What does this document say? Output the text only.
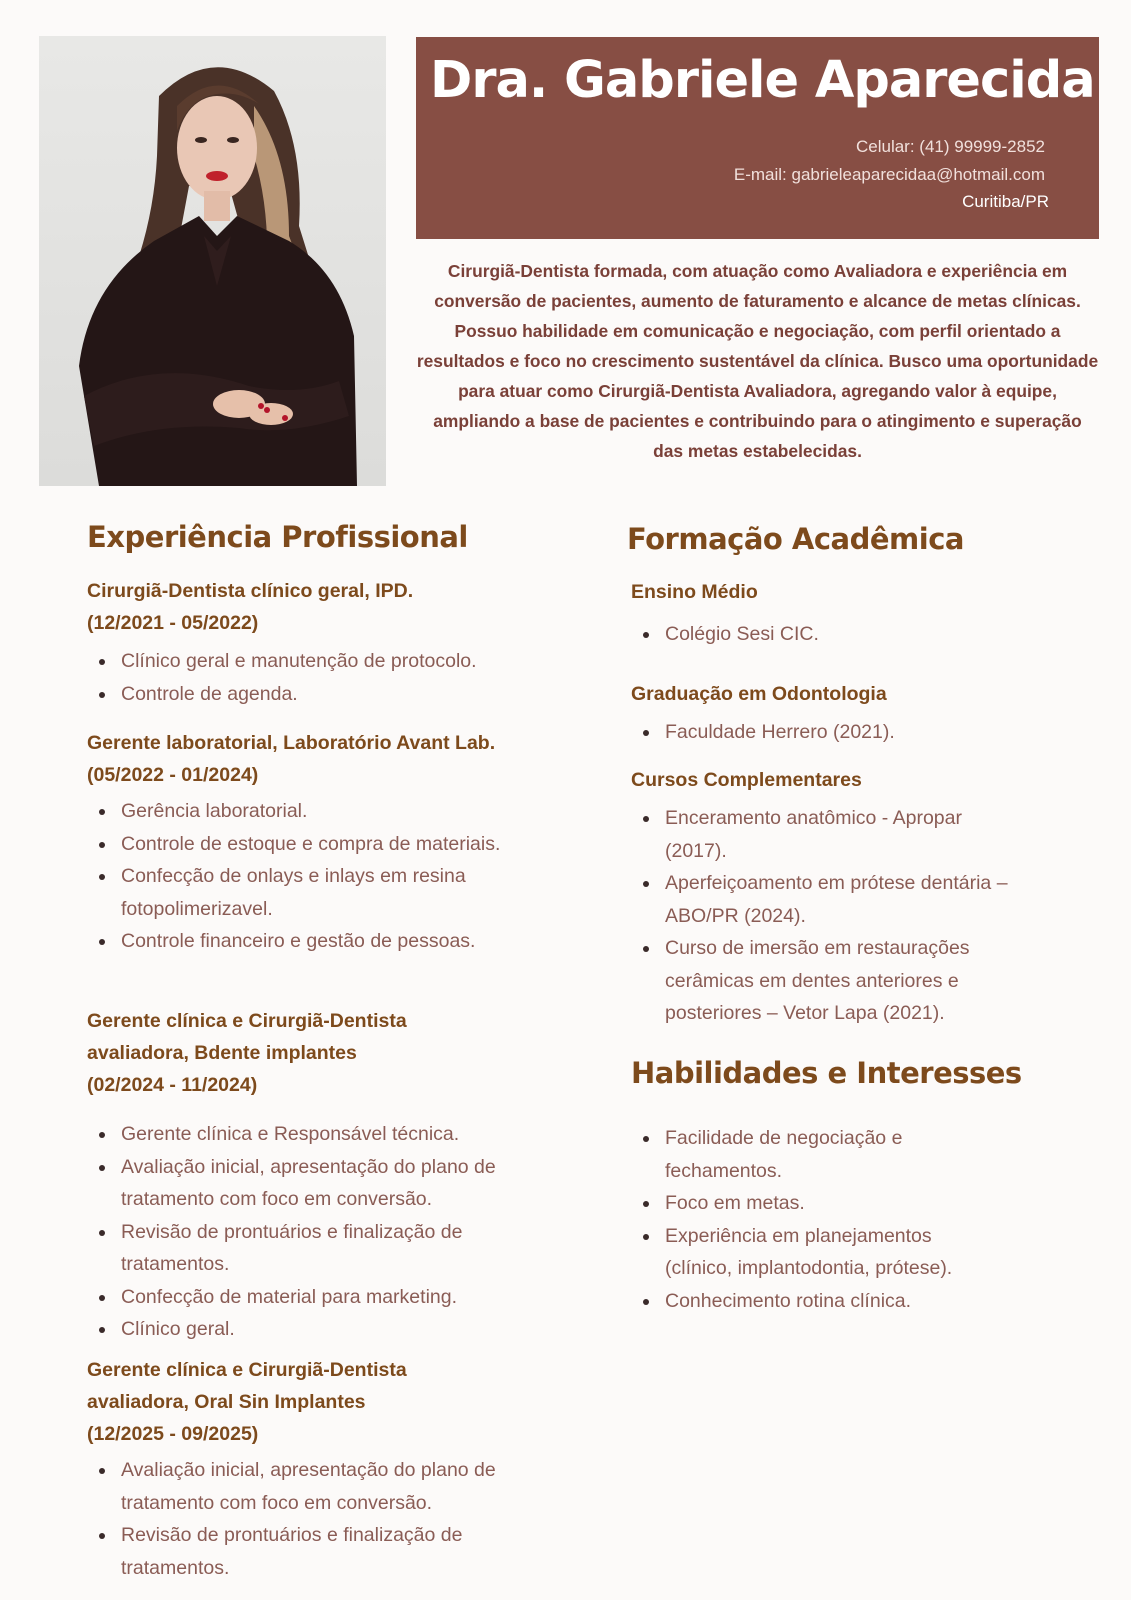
Dra. Gabriele Aparecida
Celular: (41) 99999-2852
E-mail: gabrieleaparecidaa@hotmail.com
Curitiba/PR
Cirurgiã-Dentista formada, com atuação como Avaliadora e experiência em conversão de pacientes, aumento de faturamento e alcance de metas clínicas. Possuo habilidade em comunicação e negociação, com perfil orientado a resultados e foco no crescimento sustentável da clínica. Busco uma oportunidade para atuar como Cirurgiã-Dentista Avaliadora, agregando valor à equipe, ampliando a base de pacientes e contribuindo para o atingimento e superação das metas estabelecidas.
Experiência Profissional
Cirurgiã-Dentista clínico geral, IPD.
(12/2021 - 05/2022)
Clínico geral e manutenção de protocolo.
Controle de agenda.
Gerente laboratorial, Laboratório Avant Lab.
(05/2022 - 01/2024)
Gerência laboratorial.
Controle de estoque e compra de materiais.
Confecção de onlays e inlays em resina fotopolimerizavel.
Controle financeiro e gestão de pessoas.
Gerente clínica e Cirurgiã-Dentista avaliadora, Bdente implantes
(02/2024 - 11/2024)
Gerente clínica e Responsável técnica.
Avaliação inicial, apresentação do plano de tratamento com foco em conversão.
Revisão de prontuários e finalização de tratamentos.
Confecção de material para marketing.
Clínico geral.
Gerente clínica e Cirurgiã-Dentista avaliadora, Oral Sin Implantes
(12/2025 - 09/2025)
Avaliação inicial, apresentação do plano de tratamento com foco em conversão.
Revisão de prontuários e finalização de tratamentos.
Formação Acadêmica
Ensino Médio
Colégio Sesi CIC.
Graduação em Odontologia
Faculdade Herrero (2021).
Cursos Complementares
Enceramento anatômico - Apropar (2017).
Aperfeiçoamento em prótese dentária – ABO/PR (2024).
Curso de imersão em restaurações cerâmicas em dentes anteriores e posteriores – Vetor Lapa (2021).
Habilidades e Interesses
Facilidade de negociação e fechamentos.
Foco em metas.
Experiência em planejamentos (clínico, implantodontia, prótese).
Conhecimento rotina clínica.
